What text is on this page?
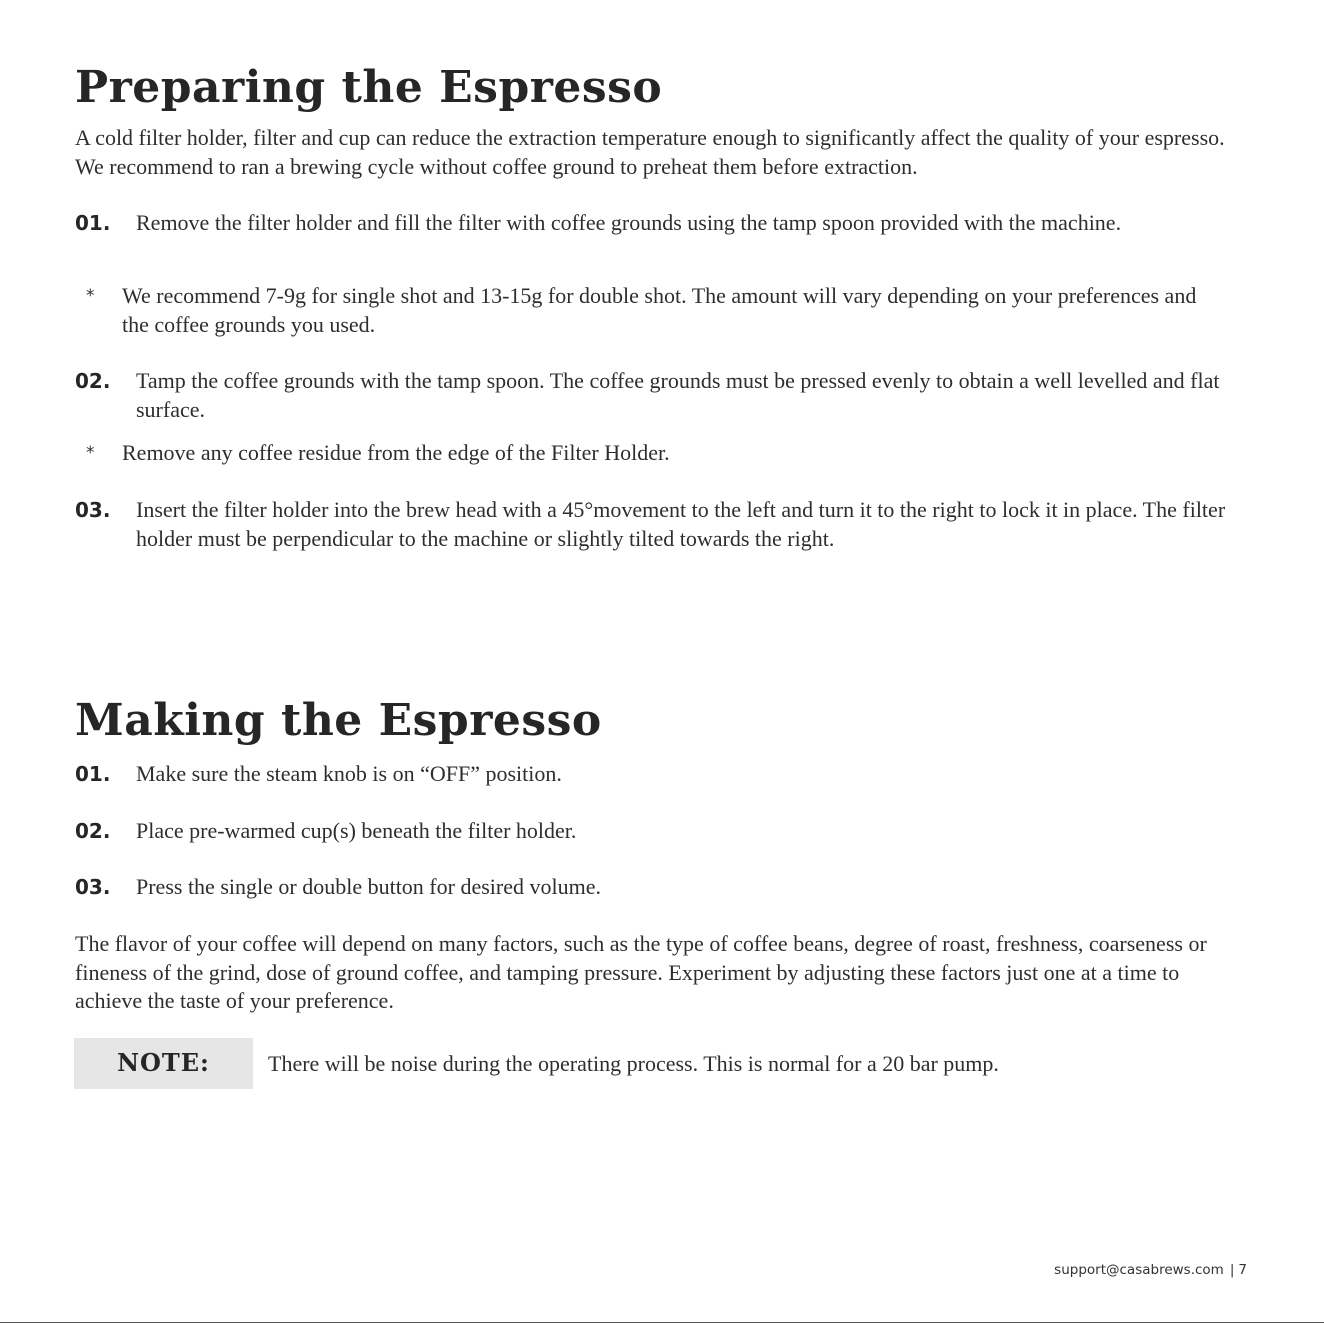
Preparing the Espresso

A cold filter holder, filter and cup can reduce the extraction temperature enough to significantly affect the quality of your espresso. We recommend to ran a brewing cycle without coffee ground to preheat them before extraction.

01. Remove the filter holder and fill the filter with coffee grounds using the tamp spoon provided with the machine.
* We recommend 7-9g for single shot and 13-15g for double shot. The amount will vary depending on your preferences and the coffee grounds you used.
02. Tamp the coffee grounds with the tamp spoon. The coffee grounds must be pressed evenly to obtain a well levelled and flat surface.
* Remove any coffee residue from the edge of the Filter Holder.
03. Insert the filter holder into the brew head with a 45°movement to the left and turn it to the right to lock it in place. The filter holder must be perpendicular to the machine or slightly tilted towards the right.
Making the Espresso
01. Make sure the steam knob is on “OFF” position.
02. Place pre-warmed cup(s) beneath the filter holder.
03. Press the single or double button for desired volume.

The flavor of your coffee will depend on many factors, such as the type of coffee beans, degree of roast, freshness, coarseness or fineness of the grind, dose of ground coffee, and tamping pressure. Experiment by adjusting these factors just one at a time to achieve the taste of your preference.

NOTE:	There will be noise during the operating process. This is normal for a 20 bar pump.
support@casabrews.com | 7
